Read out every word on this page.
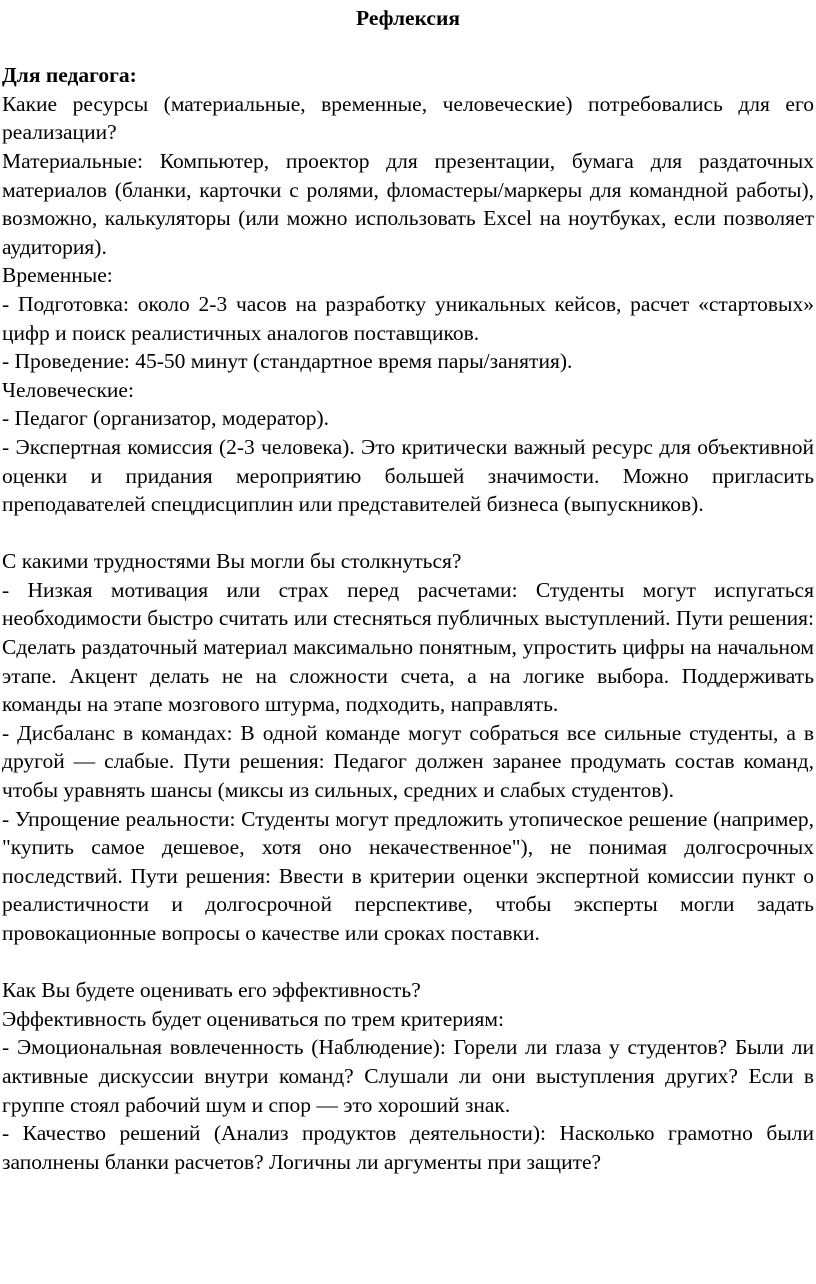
Рефлексия
Для педагога:

Какие ресурсы (материальные, временные, человеческие) потребовались для его реализации?

Материальные: Компьютер, проектор для презентации, бумага для раздаточных материалов (бланки, карточки с ролями, фломастеры/маркеры для командной работы), возможно, калькуляторы (или можно использовать Excel на ноутбуках, если позволяет аудитория).

Временные:

- Подготовка: около 2-3 часов на разработку уникальных кейсов, расчет «стартовых» цифр и поиск реалистичных аналогов поставщиков.

- Проведение: 45-50 минут (стандартное время пары/занятия).

Человеческие:

- Педагог (организатор, модератор).

- Экспертная комиссия (2-3 человека). Это критически важный ресурс для объективной оценки и придания мероприятию большей значимости. Можно пригласить преподавателей спецдисциплин или представителей бизнеса (выпускников).

С какими трудностями Вы могли бы столкнуться?

- Низкая мотивация или страх перед расчетами: Студенты могут испугаться необходимости быстро считать или стесняться публичных выступлений. Пути решения: Сделать раздаточный материал максимально понятным, упростить цифры на начальном этапе. Акцент делать не на сложности счета, а на логике выбора. Поддерживать команды на этапе мозгового штурма, подходить, направлять.

- Дисбаланс в командах: В одной команде могут собраться все сильные студенты, а в другой — слабые. Пути решения: Педагог должен заранее продумать состав команд, чтобы уравнять шансы (миксы из сильных, средних и слабых студентов).

- Упрощение реальности: Студенты могут предложить утопическое решение (например, "купить самое дешевое, хотя оно некачественное"), не понимая долгосрочных последствий. Пути решения: Ввести в критерии оценки экспертной комиссии пункт о реалистичности и долгосрочной перспективе, чтобы эксперты могли задать провокационные вопросы о качестве или сроках поставки.

Как Вы будете оценивать его эффективность?

Эффективность будет оцениваться по трем критериям:

- Эмоциональная вовлеченность (Наблюдение): Горели ли глаза у студентов? Были ли активные дискуссии внутри команд? Слушали ли они выступления других? Если в группе стоял рабочий шум и спор — это хороший знак.

- Качество решений (Анализ продуктов деятельности): Насколько грамотно были заполнены бланки расчетов? Логичны ли аргументы при защите?
